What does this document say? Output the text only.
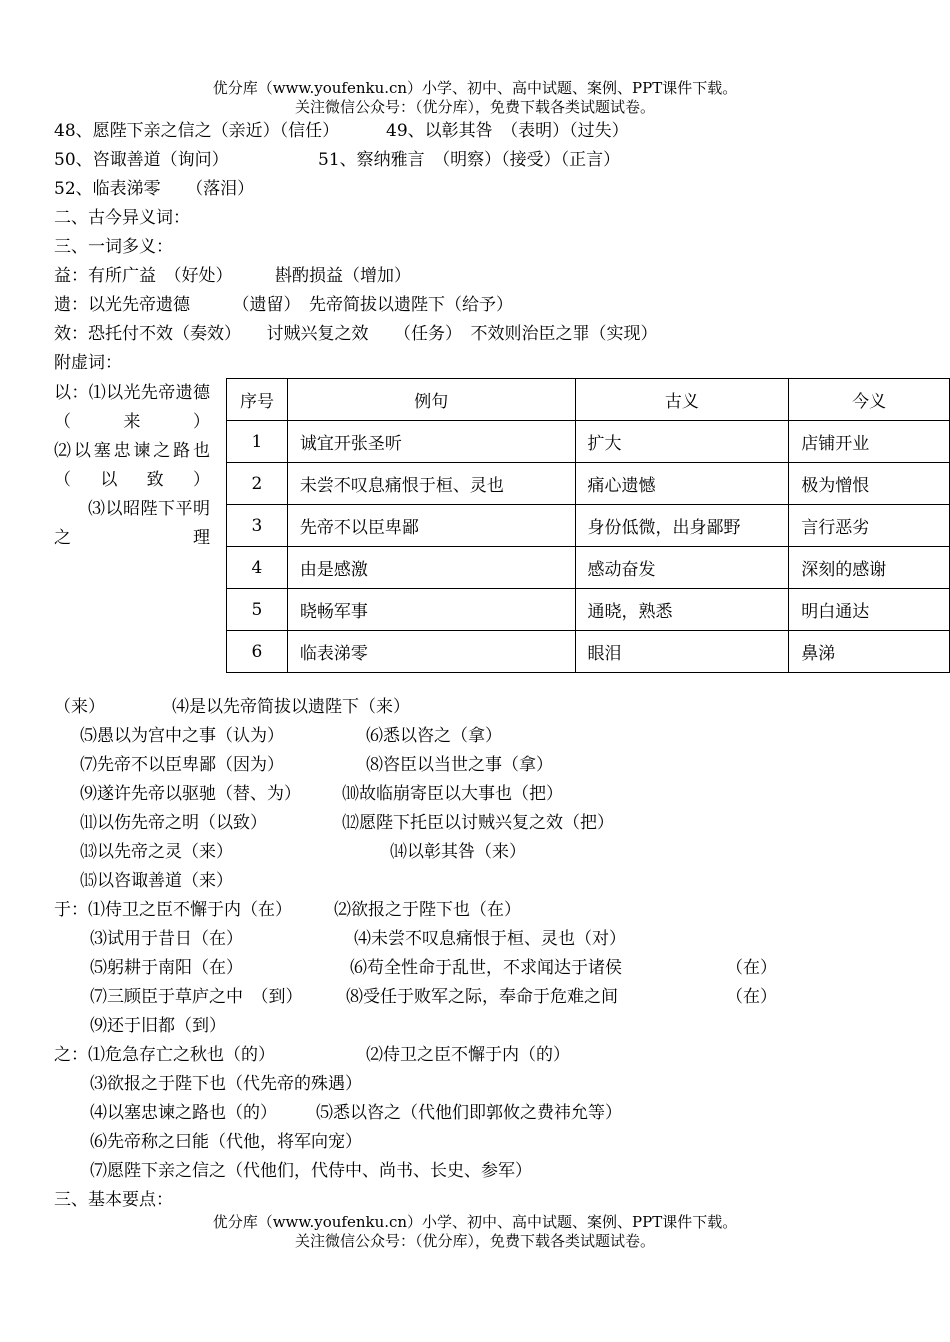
优分库（www.youfenku.cn）小学、初中、高中试题、案例、PPT课件下载。
关注微信公众号：（优分库），免费下载各类试题试卷。
48、愿陛下亲之信之（亲近）（信任）	49、以彰其咎　（表明）（过失）
50、咨诹善道（询问）	51、察纳雅言　（明察）（接受）（正言）
52、临表涕零　　（落泪）
二、古今异义词：
三、一词多义：
益：有所广益　（好处）　　　斟酌损益（增加）
遗：以光先帝遗德　　　（遗留）　先帝简拔以遗陛下（给予）
效：恐托付不效（奏效）　　讨贼兴复之效　　（任务）　不效则治臣之罪（实现）
附虚词：
以：⑴以光先帝遗德（来）
⑵以塞忠谏之路也（以致）
⑶以昭陛下平明之理
序号	例句	古义	今义
1	诚宜开张圣听	扩大	店铺开业
2	未尝不叹息痛恨于桓、灵也	痛心遗憾	极为憎恨
3	先帝不以臣卑鄙	身份低微，出身鄙野	言行恶劣
4	由是感激	感动奋发	深刻的感谢
5	晓畅军事	通晓，熟悉	明白通达
6	临表涕零	眼泪	鼻涕
（来）	⑷是以先帝简拔以遗陛下（来）
⑸愚以为宫中之事（认为）	⑹悉以咨之（拿）
⑺先帝不以臣卑鄙（因为）	⑻咨臣以当世之事（拿）
⑼遂许先帝以驱驰（替、为） ⑽故临崩寄臣以大事也（把）
⑾以伤先帝之明（以致）	⑿愿陛下托臣以讨贼兴复之效（把）
⒀以先帝之灵（来）	⒁以彰其咎（来）
⒂以咨诹善道（来）
于：⑴侍卫之臣不懈于内（在） ⑵欲报之于陛下也（在）
⑶试用于昔日（在）	⑷未尝不叹息痛恨于桓、灵也（对）
⑸躬耕于南阳（在）	⑹苟全性命于乱世，不求闻达于诸侯	（在）
⑺三顾臣于草庐之中　（到）	⑻受任于败军之际，奉命于危难之间	（在）
⑼还于旧都（到）
之：⑴危急存亡之秋也（的）	⑵侍卫之臣不懈于内（的）
⑶欲报之于陛下也（代先帝的殊遇）
⑷以塞忠谏之路也（的） ⑸悉以咨之（代他们即郭攸之费祎允等）
⑹先帝称之曰能（代他，将军向宠）
⑺愿陛下亲之信之（代他们，代侍中、尚书、长史、参军）
三、基本要点：
优分库（www.youfenku.cn）小学、初中、高中试题、案例、PPT课件下载。
关注微信公众号：（优分库），免费下载各类试题试卷。
